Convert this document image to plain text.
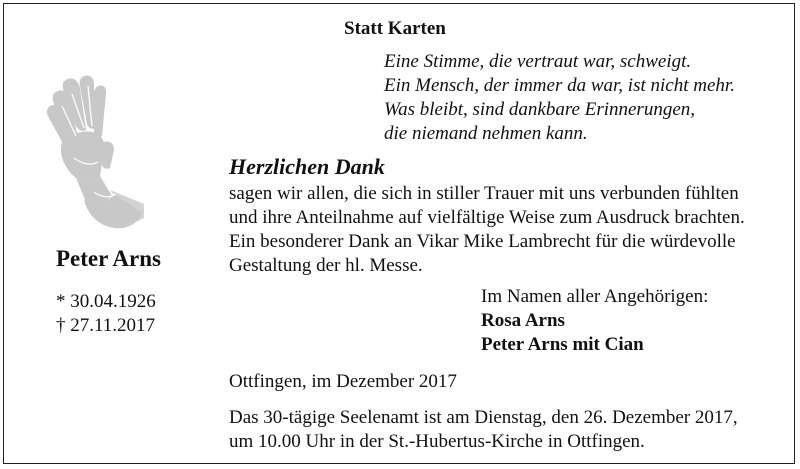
Statt Karten
Eine Stimme, die vertraut war, schweigt.
Ein Mensch, der immer da war, ist nicht mehr.
Was bleibt, sind dankbare Erinnerungen,
die niemand nehmen kann.
Peter Arns
* 30.04.1926
† 27.11.2017
Herzlichen Dank
sagen wir allen, die sich in stiller Trauer mit uns verbunden fühlten
und ihre Anteilnahme auf vielfältige Weise zum Ausdruck brachten.
Ein besonderer Dank an Vikar Mike Lambrecht für die würdevolle
Gestaltung der hl. Messe.
Im Namen aller Angehörigen:
Rosa Arns
Peter Arns mit Cian
Ottfingen, im Dezember 2017
Das 30-tägige Seelenamt ist am Dienstag, den 26. Dezember 2017,
um 10.00 Uhr in der St.-Hubertus-Kirche in Ottfingen.
